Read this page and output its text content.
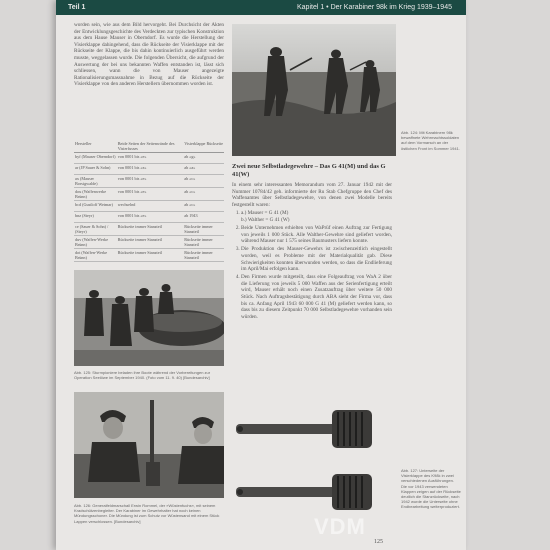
Teil 1	Kapitel 1 • Der Karabiner 98k im Krieg 1939–1945
worden sein, wie aus dem Bild hervorgeht. Bei Durchsicht der Akten der Entwicklungsgeschichte des Verdeckten zur typischen Konstruktion aus dem Hause Mauser in Oberndorf. Es wurde die Herstellung der Visierklappe dahingehend, dass die Rückseite der Visierklappe mit der Rückseite der Klappe, die bis dahin kontinuierlich ausgeführt werden musste, weggelassen wurde. Die folgenden Übersicht, die aufgrund der Auswertung der bei uns bekannten Waffen entstanden ist, lässt sich schliessen, wann die von Mauser angezeigte Rationalisierungsmassnahme in Bezug auf die Rückseite der Visierklappe von den anderen Herstellern übernommen worden ist.
Hersteller	Beide Seiten der Seitenwände des Visierfusses	Visierklappe Rückseite
byf (Mauser Oberndorf)	von 0001 bis «e»	ab «g»
ar (JP Sauer & Sohn)	von 0001 bis «z»	ab «a»
ax (Mauser Borsigwalde)	von 0001 bis «e»	ab «c»
dou (Waffenwerke Brünn)	von 0001 bis «e»	ab «c»
bcd (Gustloff Weimar)	wechselnd	ab «c»
bnz (Steyr)	von 0001 bis «e»	ab 1943
ce (Sauer & Sohn) / (Steyr)	Rückseite immer Stanzteil	Rückseite immer Stanzteil
duv (Waffen-Werke Brünn)	Rückseite immer Stanzteil	Rückseite immer Stanzteil
dot (Waffen-Werke Brünn)	Rückseite immer Stanzteil	Rückseite immer Stanzteil
Abb. 124: Mit Karabinern 98k bewaffnete Wehrmachtssoldaten auf dem Vormarsch an der östlichen Front im Sommer 1941.
Abb. 125: Sturmpioniere beladen ihre Boote während der Vorbereitungen zur Operation Seelöwe im September 1940. (Foto vom 11. 9. 40) [Bundesarchiv]
Abb. 126: Generalfeldmarschall Erwin Rommel, der »Wüstenfuchs«, mit seinem Kradschützenbegleiter. Der Karabiner im Gewehrhalter hat noch keinen Mündungsschoner. Die Mündung ist zum Schutz vor Wüstensand mit einem Stück Lappen verschlossen. [Bundesarchiv]
Zwei neue Selbstladegewehre – Das G 41(M) und das G 41(W)
In einem sehr interessanten Memorandum vom 27. Januar 1942 mit der Nummer 10784/42 geh. informierte der Ru Stab Chefgruppe den Chef des Waffenamtes über Selbstladegewehre, von denen zwei Modelle bereits festgestellt waren:
1. a.) Mauser = G 41 (M)
b.) Walther = G 41 (W)
2. Beide Unternehmen erhielten von WaPrüf einen Auftrag zur Fertigung von jeweils 1 000 Stück. Alle Walther-Gewehre sind geliefert worden, während Mauser nur 1 575 seines Baumusters liefern konnte.
3. Die Produktion des Mauser-Gewehrs ist zwischenzeitlich eingestellt worden, weil es Probleme mit der Materialqualität gab. Diese Schwierigkeiten konnten überwunden werden, so dass die Endlieferung im April/Mai erfolgen kann.
4. Den Firmen wurde mitgeteilt, dass eine Folgeauftrag von WaA 2 über die Lieferung von jeweils 5 000 Waffen aus der Serienfertigung erteilt wird, Mauser erhält noch einen Zusatzauftrag über weitere 50 000 Stück. Nach Auftragsbestätigung durch ABA sieht der Firma vor, dass bis ca. Anfang April 1943 60 000 G 41 (M) geliefert werden kann, so dass bis zu diesem Zeitpunkt 70 000 Selbstladegewehre vorhanden sein würden.
Abb. 127: Unterseite der Visierklappe des K98k in zwei verschiedenen Ausführungen. Die vor 1943 verwendeten Klappen zeigen auf der Rückseite deutlich die Stanzrückseite, nach 1942 wurde die Unterseite ohne Endbearbeitung weiterproduziert.
VDM
125
